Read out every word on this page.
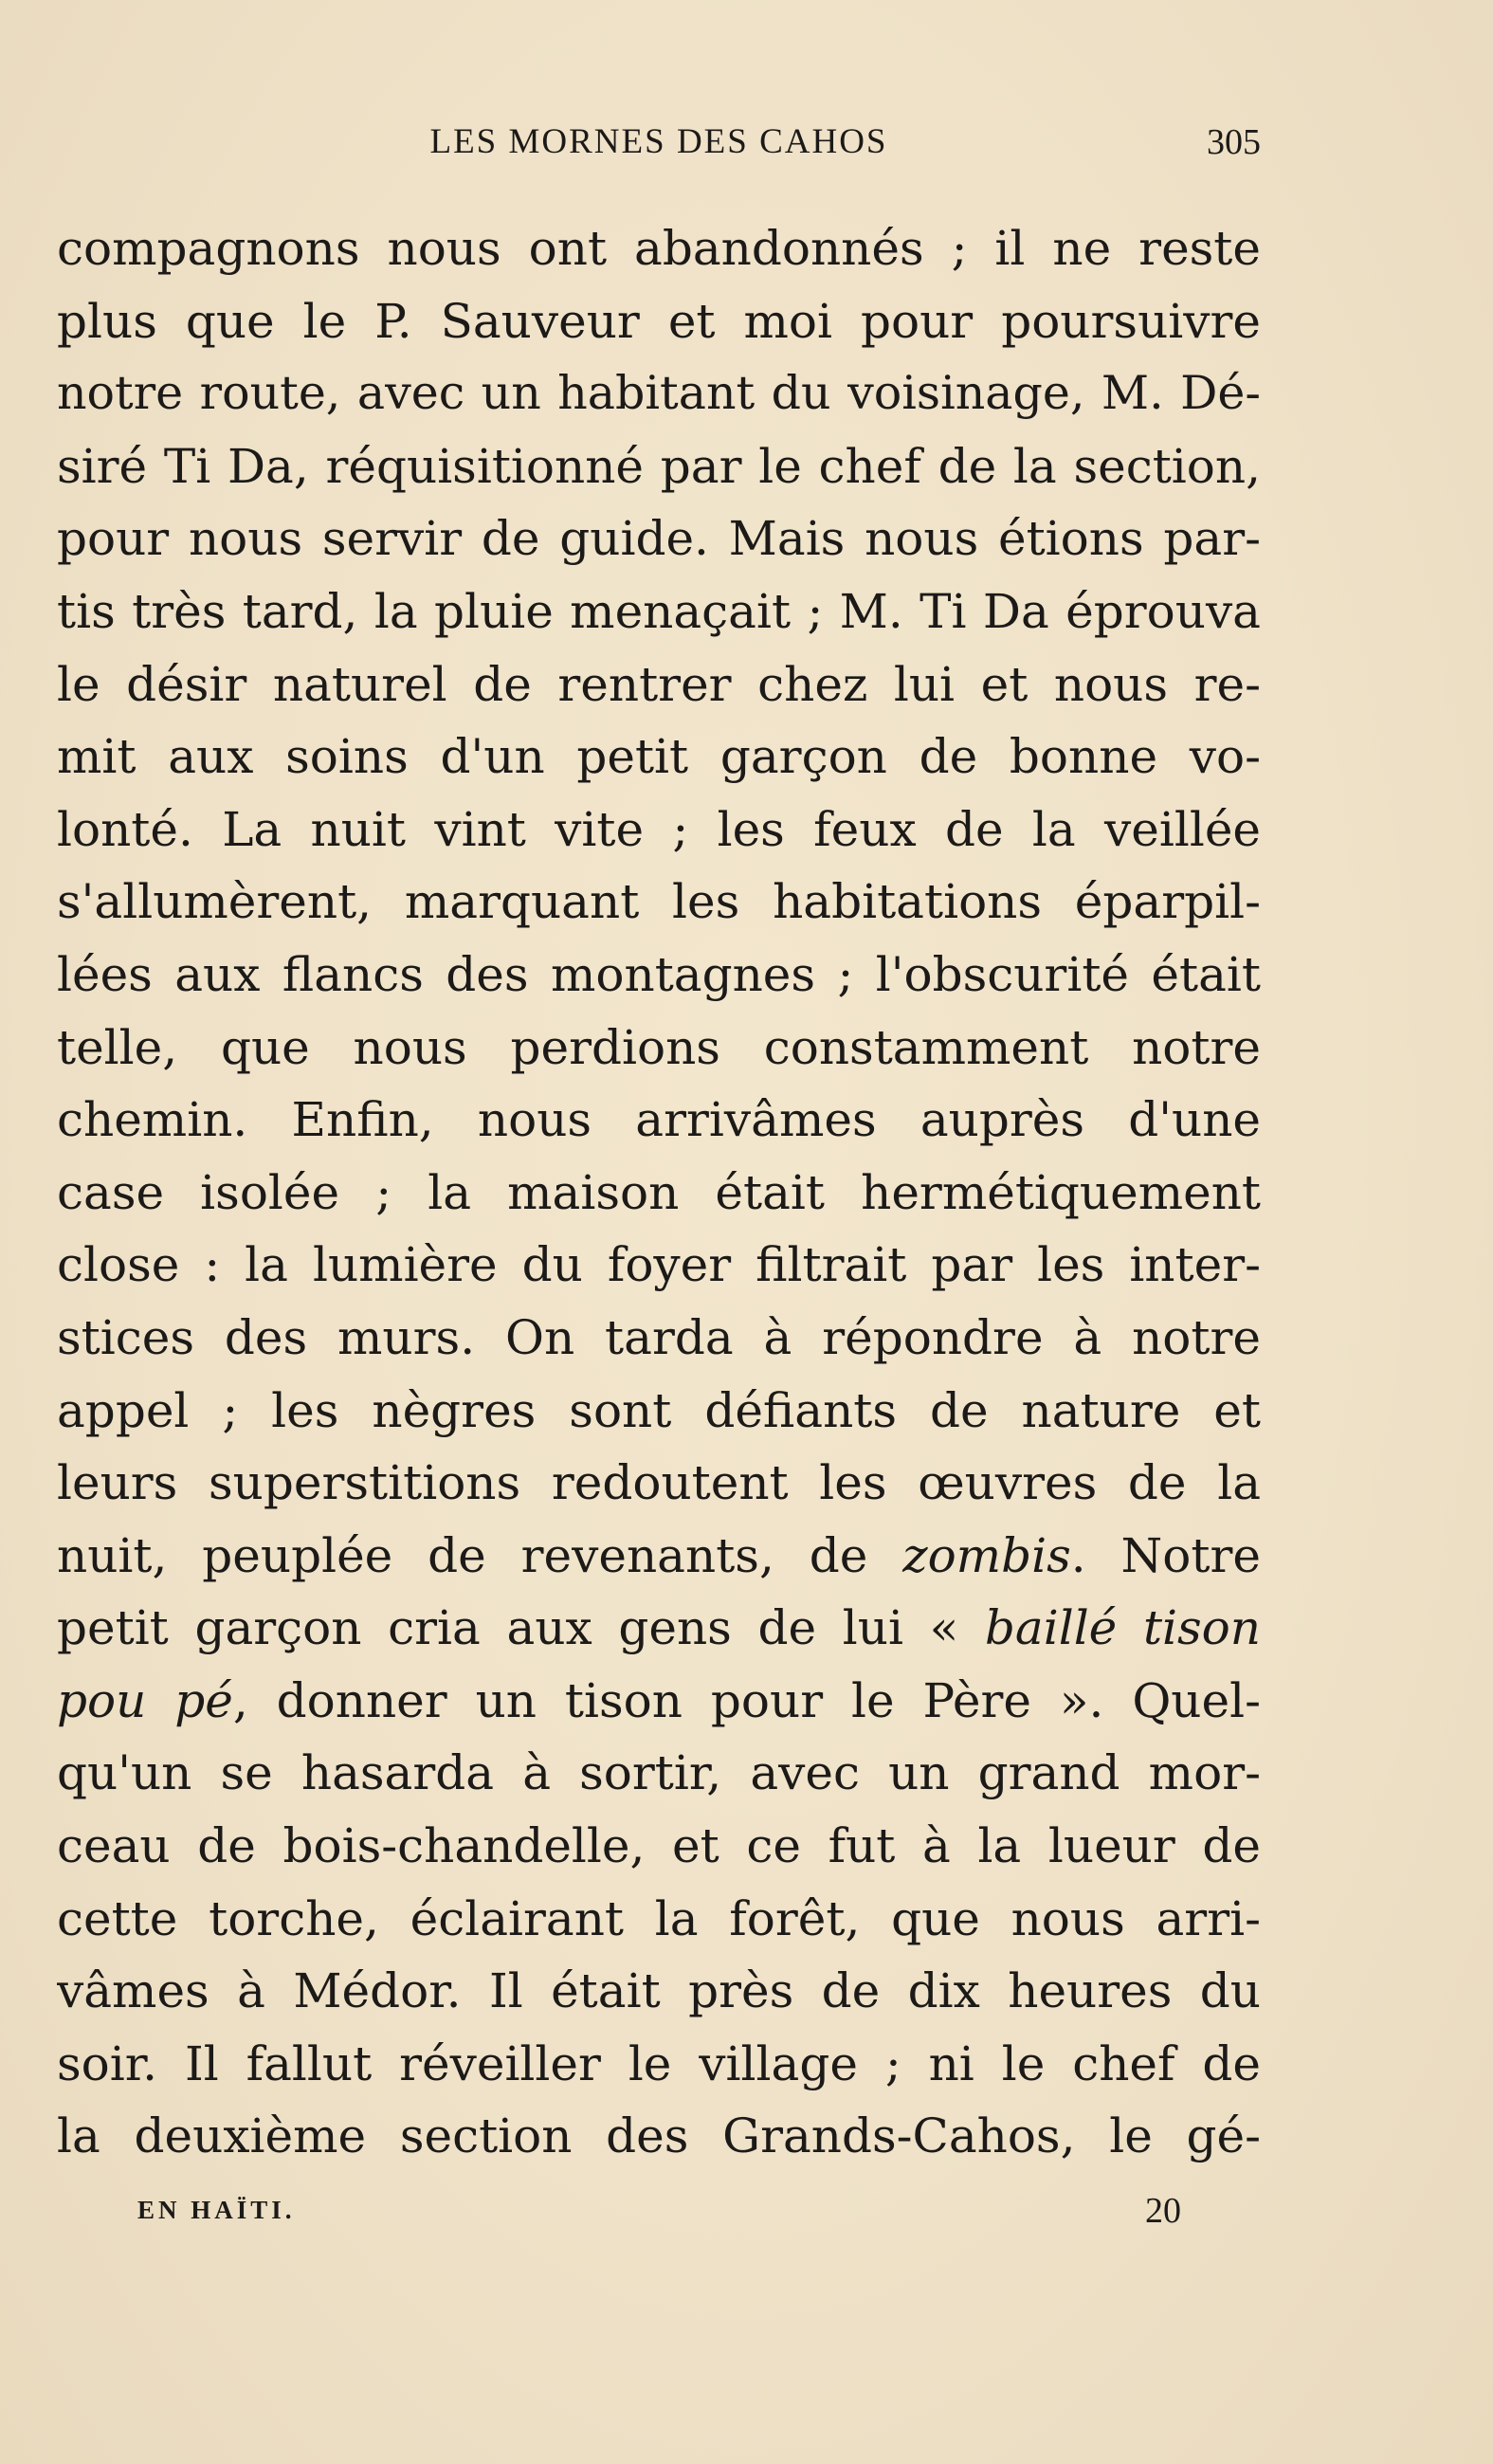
LES MORNES DES CAHOS	305
compagnons nous ont abandonnés ; il ne reste
plus que le P. Sauveur et moi pour poursuivre
notre route, avec un habitant du voisinage, M. Dé-
siré Ti Da, réquisitionné par le chef de la section,
pour nous servir de guide. Mais nous étions par-
tis très tard, la pluie menaçait ; M. Ti Da éprouva
le désir naturel de rentrer chez lui et nous re-
mit aux soins d'un petit garçon de bonne vo-
lonté. La nuit vint vite ; les feux de la veillée
s'allumèrent, marquant les habitations éparpil-
lées aux flancs des montagnes ; l'obscurité était
telle, que nous perdions constamment notre
chemin. Enfin, nous arrivâmes auprès d'une
case isolée ; la maison était hermétiquement
close : la lumière du foyer filtrait par les inter-
stices des murs. On tarda à répondre à notre
appel ; les nègres sont défiants de nature et
leurs superstitions redoutent les œuvres de la
nuit, peuplée de revenants, de zombis. Notre
petit garçon cria aux gens de lui « baillé tison
pou pé, donner un tison pour le Père ». Quel-
qu'un se hasarda à sortir, avec un grand mor-
ceau de bois-chandelle, et ce fut à la lueur de
cette torche, éclairant la forêt, que nous arri-
vâmes à Médor. Il était près de dix heures du
soir. Il fallut réveiller le village ; ni le chef de
la deuxième section des Grands-Cahos, le gé-
EN HAÏTI.	20
